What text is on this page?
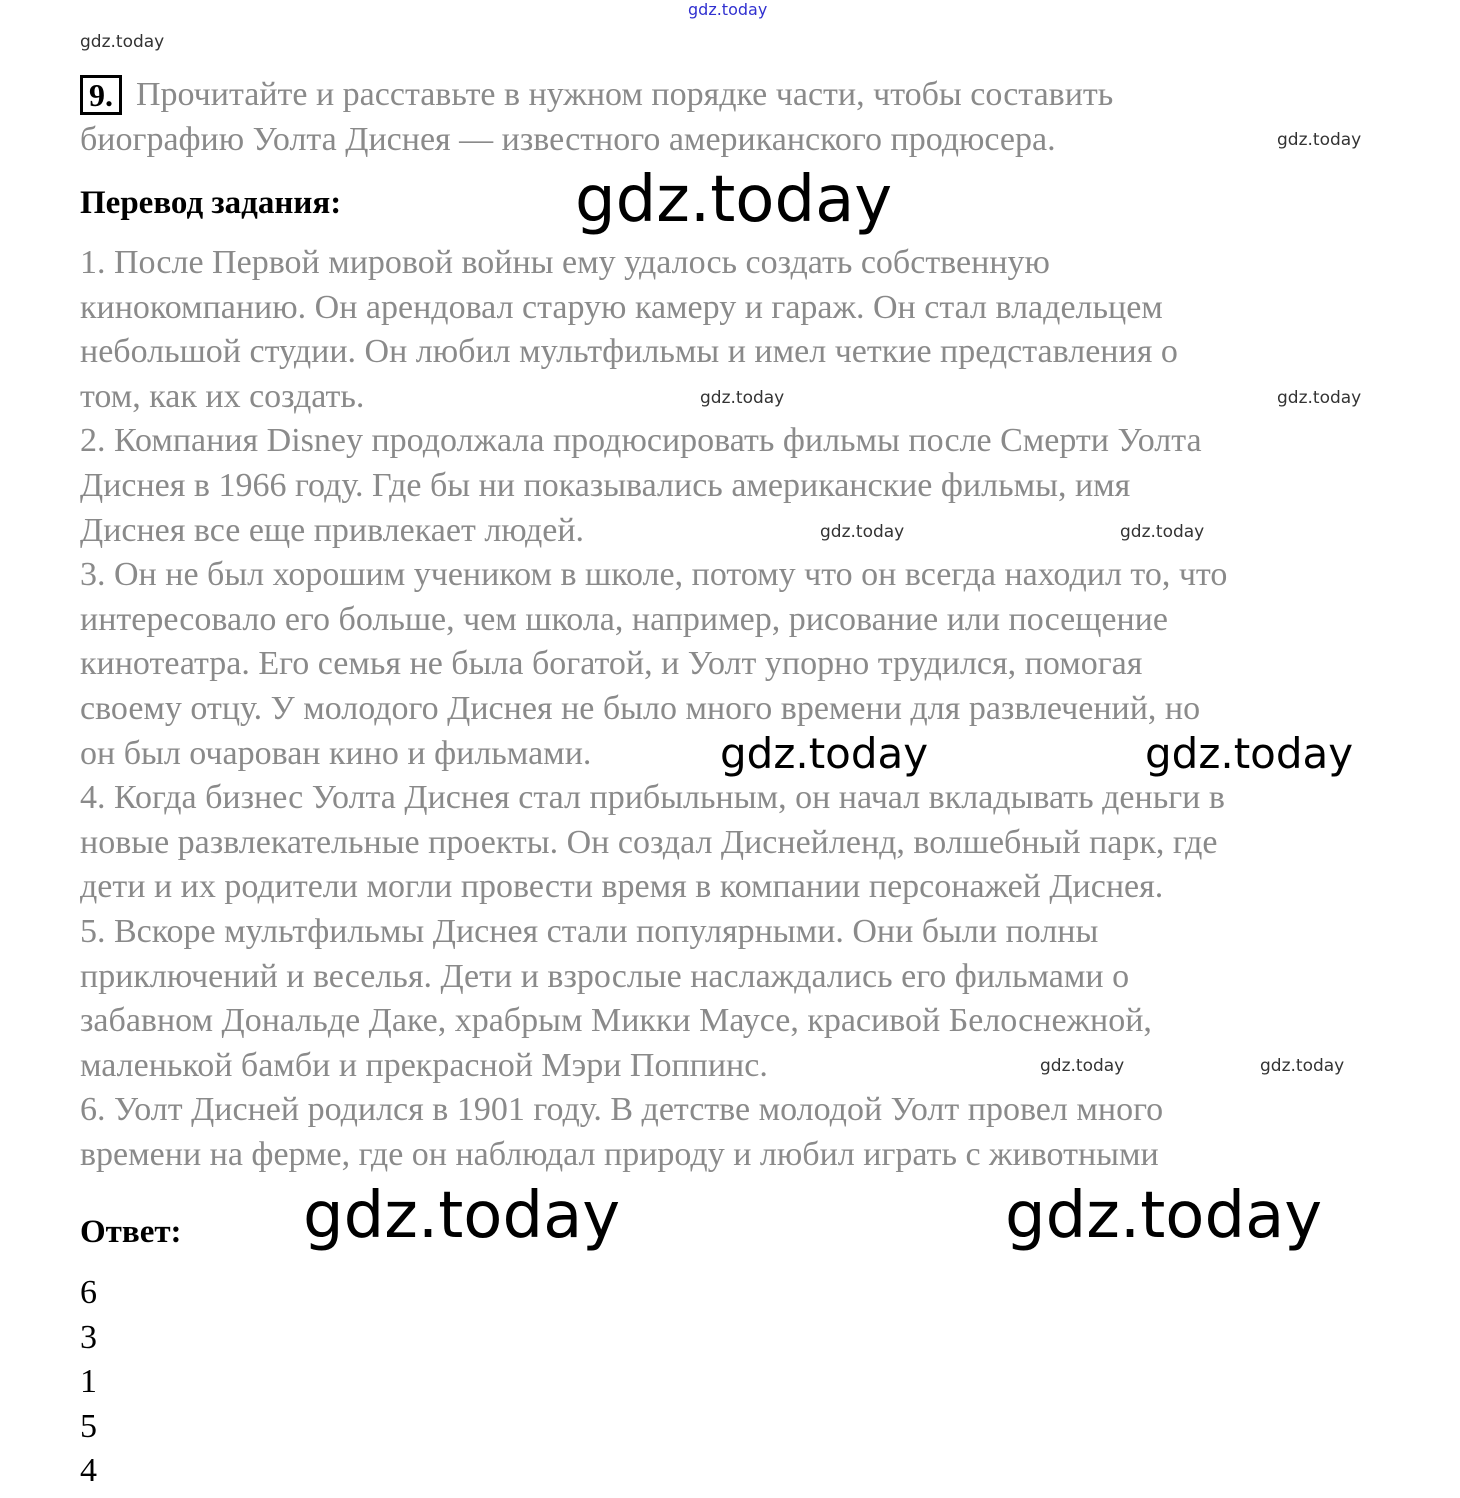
gdz.today
9. Прочитайте и расставьте в нужном порядке части, чтобы составить
биографию Уолта Диснея — известного американского продюсера.
Перевод задания:
1. После Первой мировой войны ему удалось создать собственную
кинокомпанию. Он арендовал старую камеру и гараж. Он стал владельцем
небольшой студии. Он любил мультфильмы и имел четкие представления о
том, как их создать.
2. Компания Disney продолжала продюсировать фильмы после Смерти Уолта
Диснея в 1966 году. Где бы ни показывались американские фильмы, имя
Диснея все еще привлекает людей.
3. Он не был хорошим учеником в школе, потому что он всегда находил то, что
интересовало его больше, чем школа, например, рисование или посещение
кинотеатра. Его семья не была богатой, и Уолт упорно трудился, помогая
своему отцу. У молодого Диснея не было много времени для развлечений, но
он был очарован кино и фильмами.
4. Когда бизнес Уолта Диснея стал прибыльным, он начал вкладывать деньги в
новые развлекательные проекты. Он создал Диснейленд, волшебный парк, где
дети и их родители могли провести время в компании персонажей Диснея.
5. Вскоре мультфильмы Диснея стали популярными. Они были полны
приключений и веселья. Дети и взрослые наслаждались его фильмами о
забавном Дональде Даке, храбрым Микки Маусе, красивой Белоснежной,
маленькой бамби и прекрасной Мэри Поппинс.
6. Уолт Дисней родился в 1901 году. В детстве молодой Уолт провел много
времени на ферме, где он наблюдал природу и любил играть с животными
Ответ:
6
3
1
5
4
gdz.today
gdz.today
gdz.today
gdz.today	gdz.today
gdz.today	gdz.today
gdz.today	gdz.today
gdz.today	gdz.today
gdz.today	gdz.today
